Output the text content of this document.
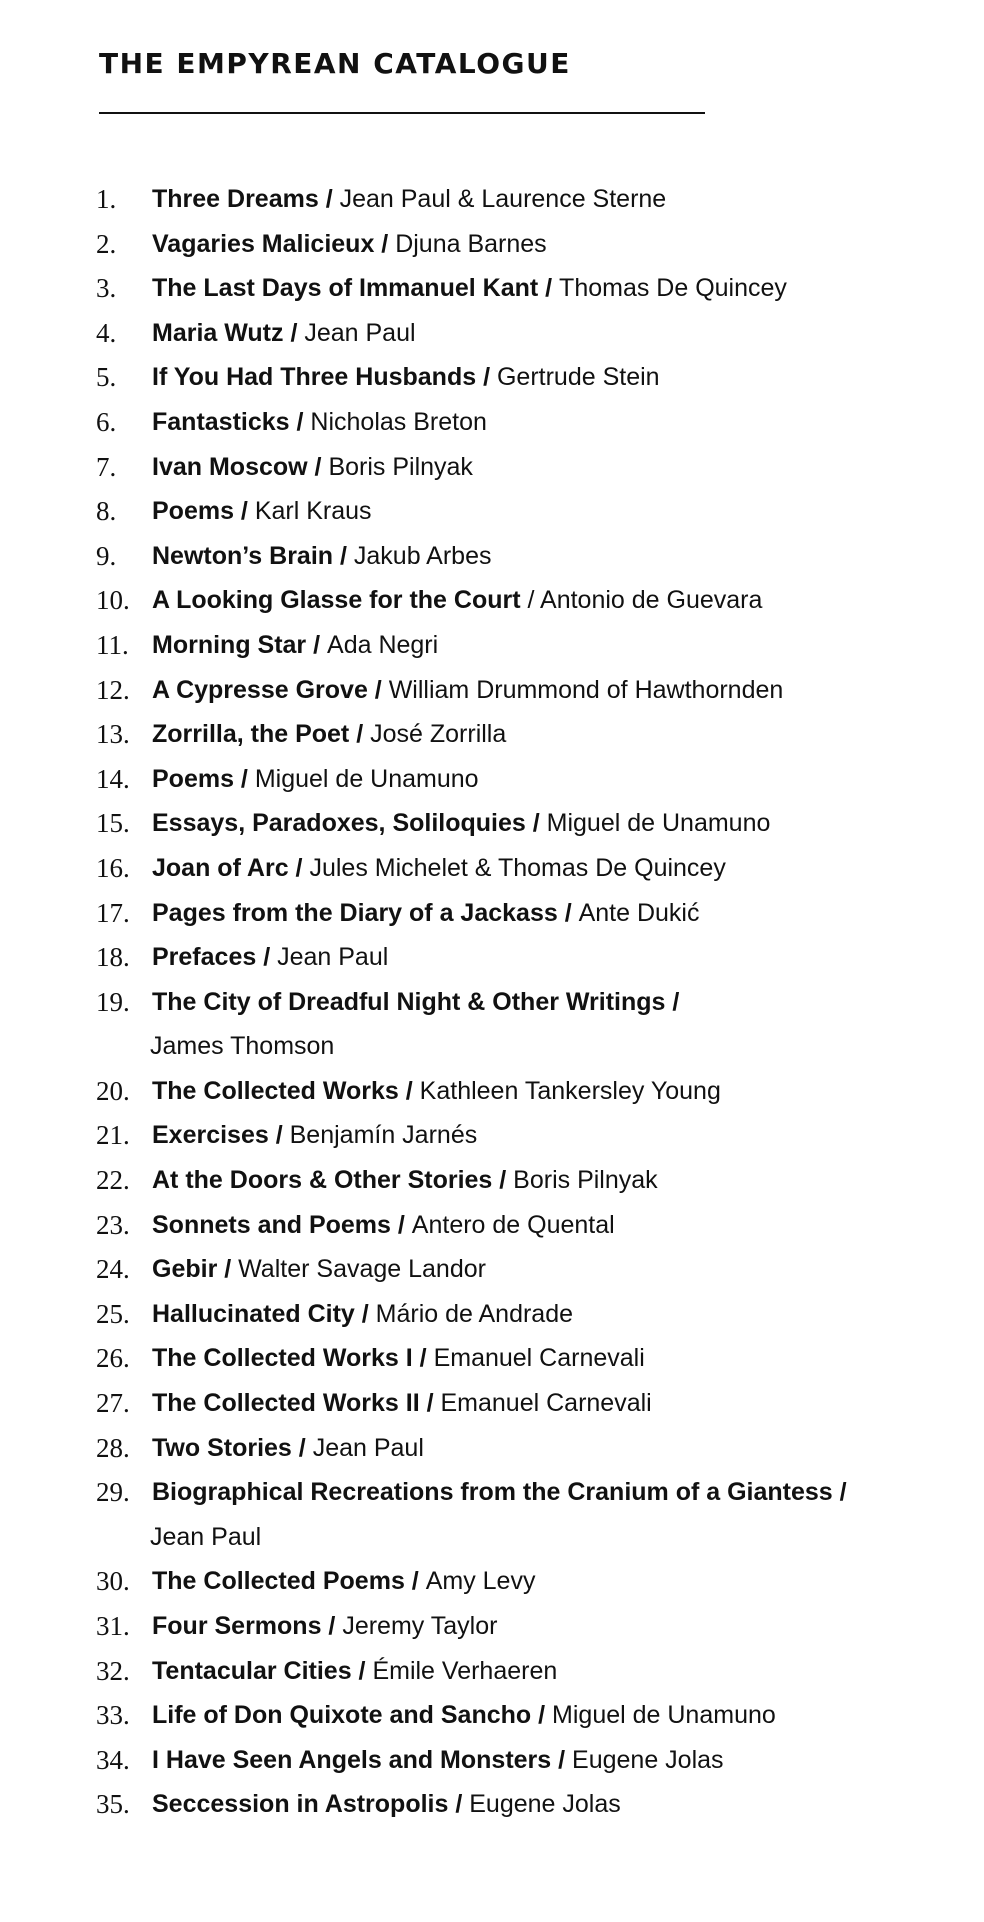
THE EMPYREAN CATALOGUE
1. Three Dreams / Jean Paul & Laurence Sterne
2. Vagaries Malicieux / Djuna Barnes
3. The Last Days of Immanuel Kant / Thomas De Quincey
4. Maria Wutz / Jean Paul
5. If You Had Three Husbands / Gertrude Stein
6. Fantasticks / Nicholas Breton
7. Ivan Moscow / Boris Pilnyak
8. Poems / Karl Kraus
9. Newton’s Brain / Jakub Arbes
10. A Looking Glasse for the Court / Antonio de Guevara
11. Morning Star / Ada Negri
12. A Cypresse Grove / William Drummond of Hawthornden
13. Zorrilla, the Poet / José Zorrilla
14. Poems / Miguel de Unamuno
15. Essays, Paradoxes, Soliloquies / Miguel de Unamuno
16. Joan of Arc / Jules Michelet & Thomas De Quincey
17. Pages from the Diary of a Jackass / Ante Dukić
18. Prefaces / Jean Paul
19. The City of Dreadful Night & Other Writings /
James Thomson
20. The Collected Works / Kathleen Tankersley Young
21. Exercises / Benjamín Jarnés
22. At the Doors & Other Stories / Boris Pilnyak
23. Sonnets and Poems / Antero de Quental
24. Gebir / Walter Savage Landor
25. Hallucinated City / Mário de Andrade
26. The Collected Works I / Emanuel Carnevali
27. The Collected Works II / Emanuel Carnevali
28. Two Stories / Jean Paul
29. Biographical Recreations from the Cranium of a Giantess /
Jean Paul
30. The Collected Poems / Amy Levy
31. Four Sermons / Jeremy Taylor
32. Tentacular Cities / Émile Verhaeren
33. Life of Don Quixote and Sancho / Miguel de Unamuno
34. I Have Seen Angels and Monsters / Eugene Jolas
35. Seccession in Astropolis / Eugene Jolas
